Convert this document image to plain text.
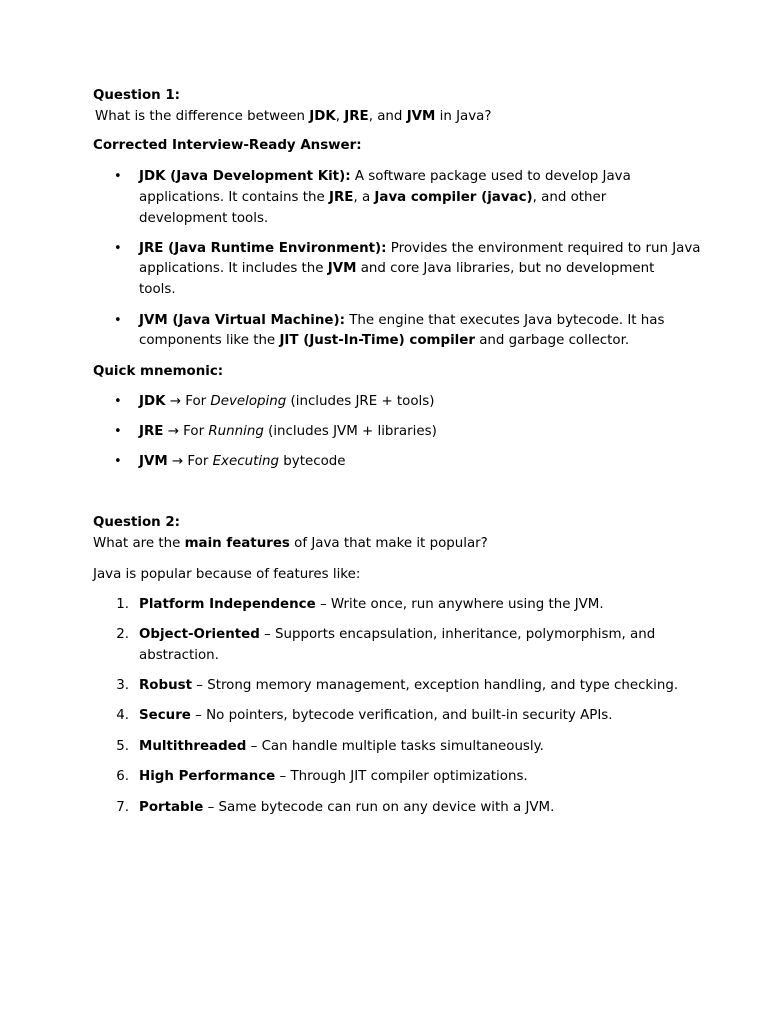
Question 1:
What is the difference between JDK, JRE, and JVM in Java?
Corrected Interview-Ready Answer:
• JDK (Java Development Kit): A software package used to develop Java
applications. It contains the JRE, a Java compiler (javac), and other
development tools.
• JRE (Java Runtime Environment): Provides the environment required to run Java
applications. It includes the JVM and core Java libraries, but no development
tools.
• JVM (Java Virtual Machine): The engine that executes Java bytecode. It has
components like the JIT (Just-In-Time) compiler and garbage collector.
Quick mnemonic:
• JDK → For Developing (includes JRE + tools)
• JRE → For Running (includes JVM + libraries)
• JVM → For Executing bytecode
Question 2:
What are the main features of Java that make it popular?
Java is popular because of features like:
1. Platform Independence – Write once, run anywhere using the JVM.
2. Object-Oriented – Supports encapsulation, inheritance, polymorphism, and
abstraction.
3. Robust – Strong memory management, exception handling, and type checking.
4. Secure – No pointers, bytecode verification, and built-in security APIs.
5. Multithreaded – Can handle multiple tasks simultaneously.
6. High Performance – Through JIT compiler optimizations.
7. Portable – Same bytecode can run on any device with a JVM.
